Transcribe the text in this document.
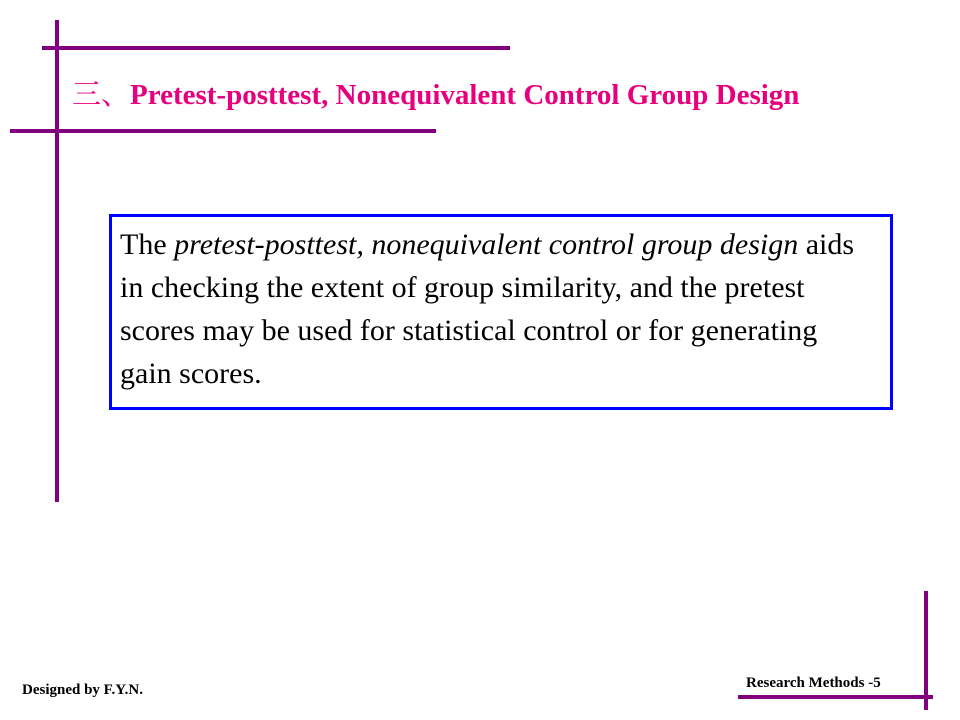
三、Pretest-posttest, Nonequivalent Control Group Design

The pretest-posttest, nonequivalent control group design aids in checking the extent of group similarity, and the pretest scores may be used for statistical control or for generating gain scores.

Designed by F.Y.N.	Research Methods -5
